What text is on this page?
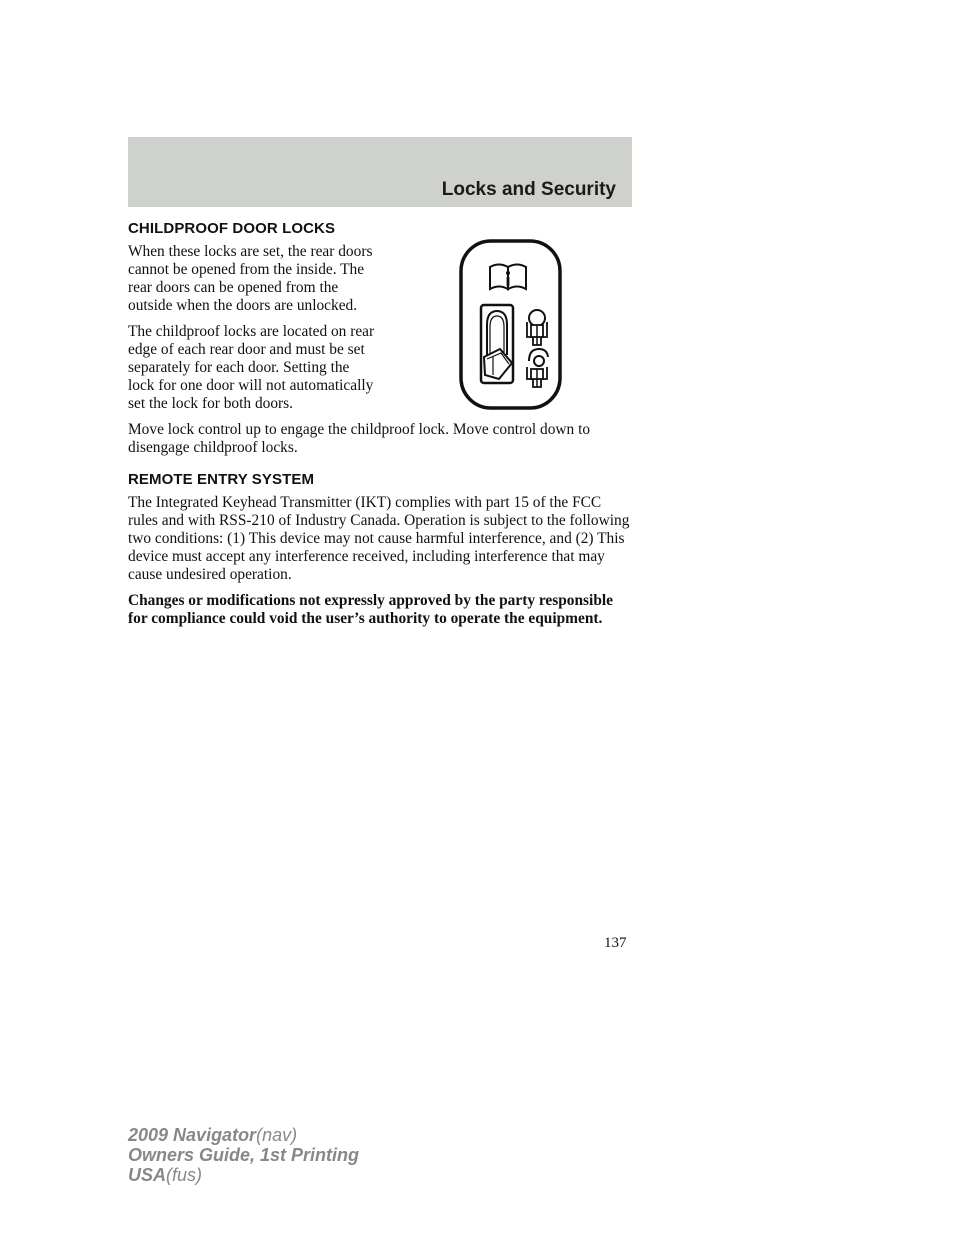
Locks and Security
CHILDPROOF DOOR LOCKS

When these locks are set, the rear doors cannot be opened from the inside. The rear doors can be opened from the outside when the doors are unlocked.

The childproof locks are located on rear edge of each rear door and must be set separately for each door. Setting the lock for one door will not automatically set the lock for both doors.

Move lock control up to engage the childproof lock. Move control down to disengage childproof locks.

REMOTE ENTRY SYSTEM

The Integrated Keyhead Transmitter (IKT) complies with part 15 of the FCC rules and with RSS-210 of Industry Canada. Operation is subject to the following two conditions: (1) This device may not cause harmful interference, and (2) This device must accept any interference received, including interference that may cause undesired operation.

Changes or modifications not expressly approved by the party responsible for compliance could void the user’s authority to operate the equipment.

137
2009 Navigator(nav)
Owners Guide, 1st Printing
USA(fus)
